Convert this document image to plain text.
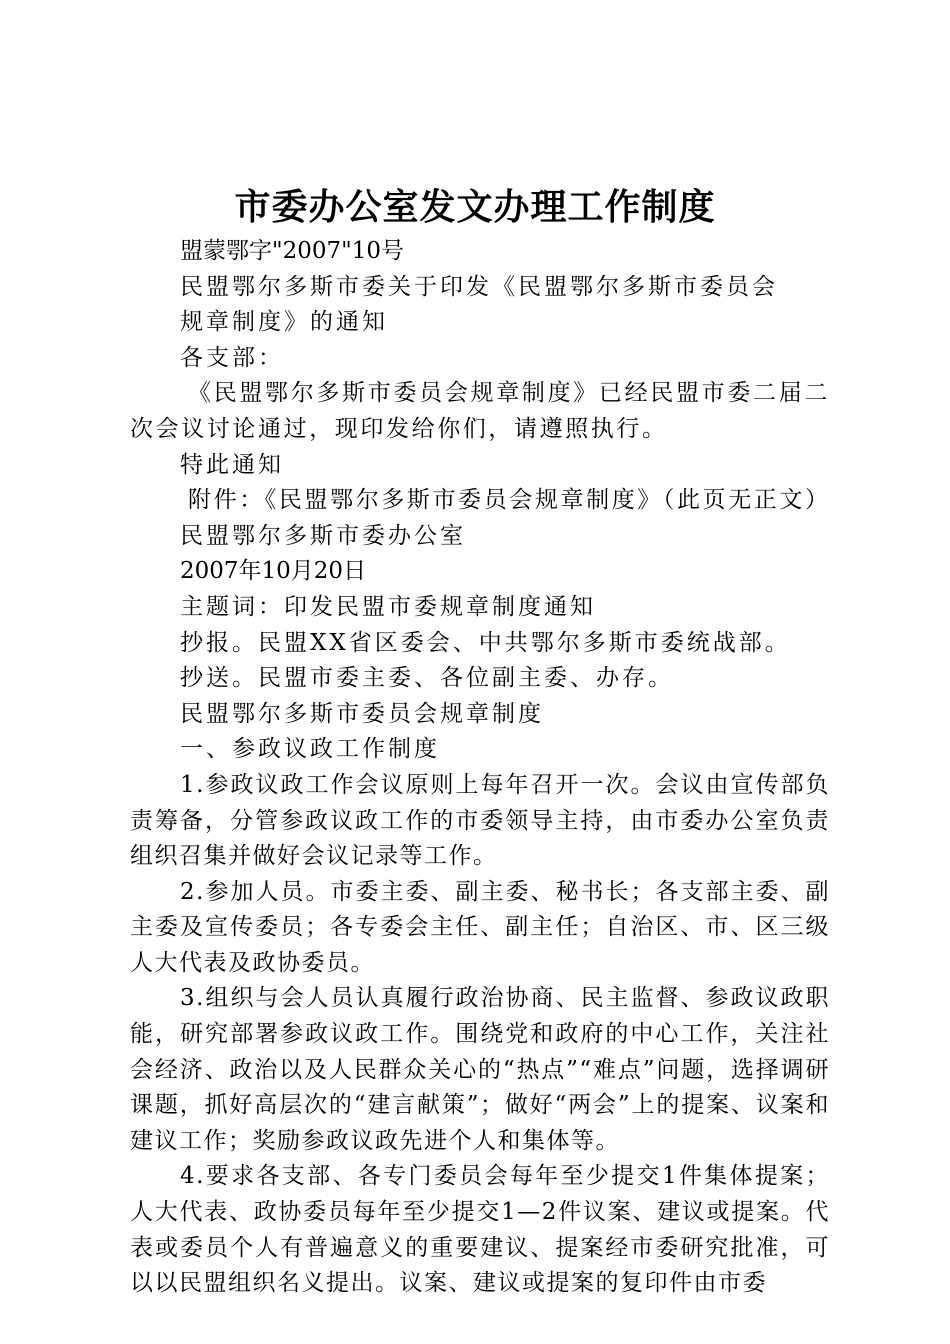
市委办公室发文办理工作制度

盟蒙鄂字"2007"10号

民盟鄂尔多斯市委关于印发《民盟鄂尔多斯市委员会

规章制度》的通知

各支部：

《民盟鄂尔多斯市委员会规章制度》已经民盟市委二届二次会议讨论通过，现印发给你们，请遵照执行。

特此通知

附件：《民盟鄂尔多斯市委员会规章制度》（此页无正文）

民盟鄂尔多斯市委办公室

2007年10月20日

主题词：印发民盟市委规章制度通知

抄报。民盟XX省区委会、中共鄂尔多斯市委统战部。

抄送。民盟市委主委、各位副主委、办存。

民盟鄂尔多斯市委员会规章制度

一、参政议政工作制度

1.参政议政工作会议原则上每年召开一次。会议由宣传部负责筹备，分管参政议政工作的市委领导主持，由市委办公室负责组织召集并做好会议记录等工作。

2.参加人员。市委主委、副主委、秘书长；各支部主委、副主委及宣传委员；各专委会主任、副主任；自治区、市、区三级人大代表及政协委员。

3.组织与会人员认真履行政治协商、民主监督、参政议政职能，研究部署参政议政工作。围绕党和政府的中心工作，关注社会经济、政治以及人民群众关心的“热点”“难点”问题，选择调研课题，抓好高层次的“建言献策”；做好“两会”上的提案、议案和建议工作；奖励参政议政先进个人和集体等。

4.要求各支部、各专门委员会每年至少提交1件集体提案；人大代表、政协委员每年至少提交1—2件议案、建议或提案。代表或委员个人有普遍意义的重要建议、提案经市委研究批准，可以以民盟组织名义提出。议案、建议或提案的复印件由市委
